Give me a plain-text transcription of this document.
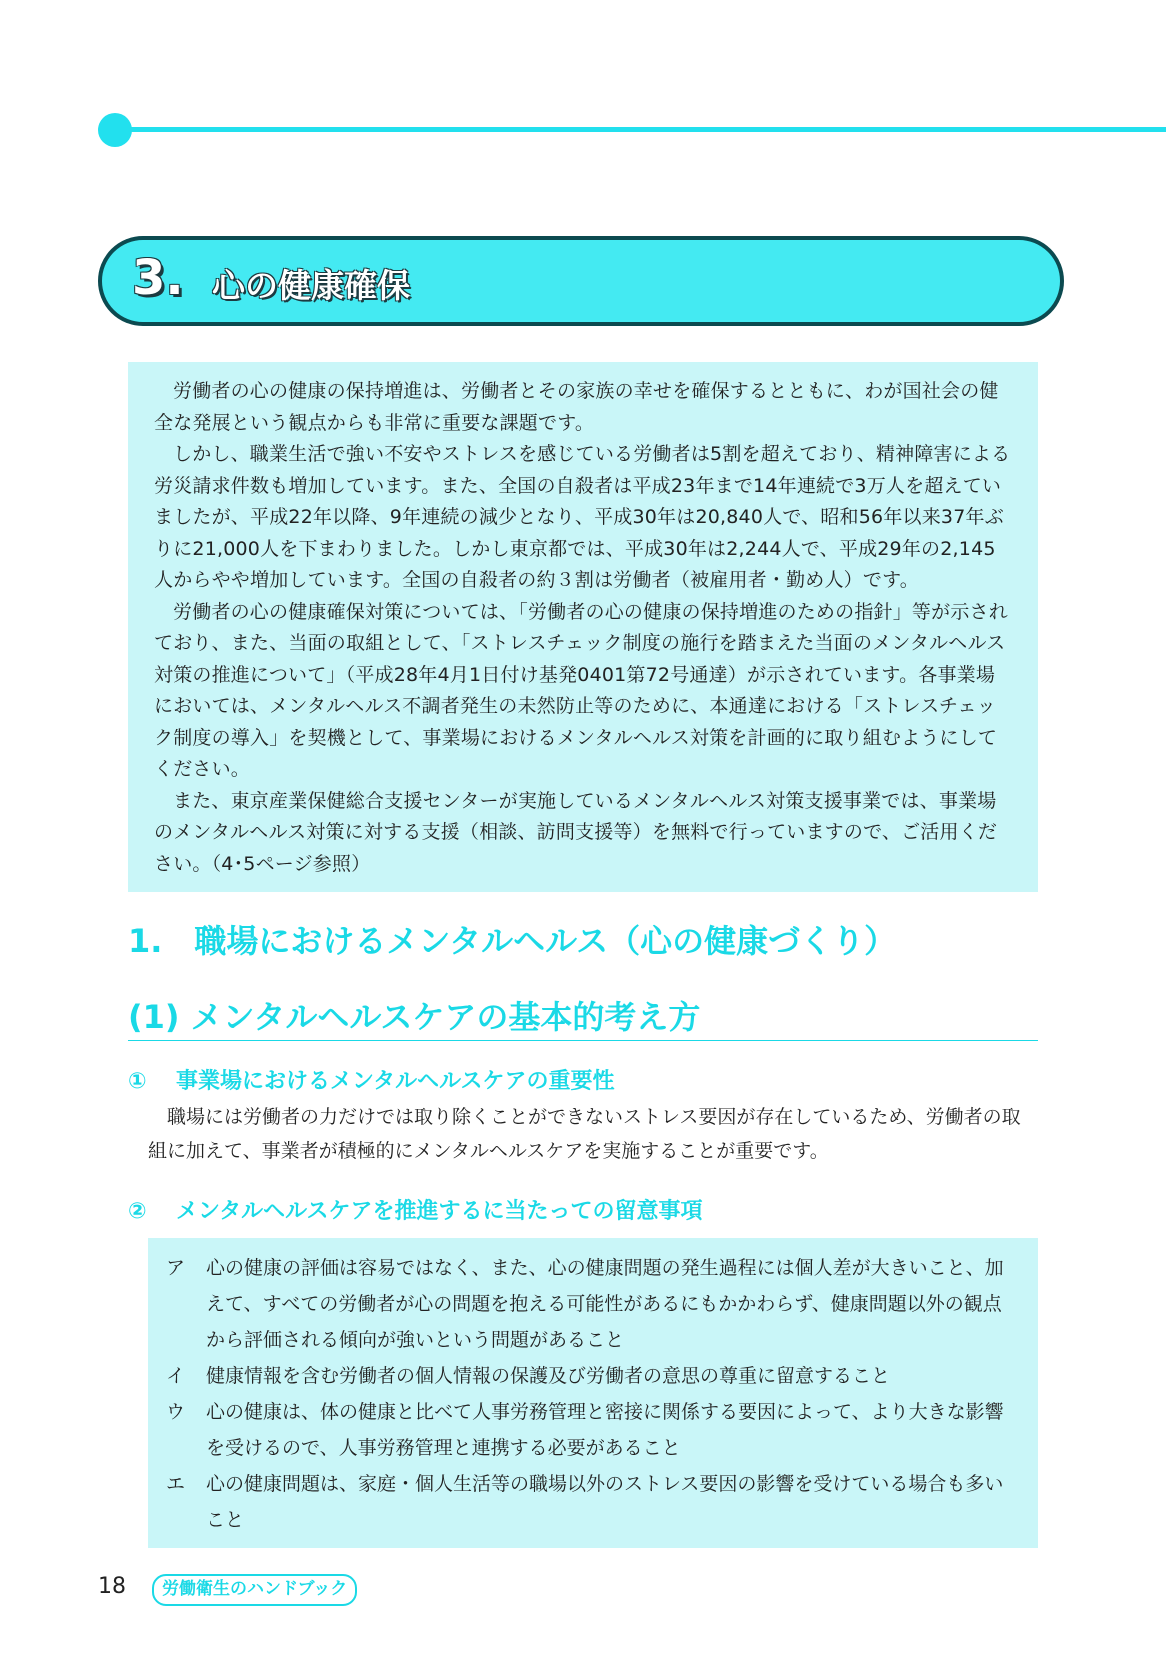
3. 心の健康確保

労働者の心の健康の保持増進は、労働者とその家族の幸せを確保するとともに、わが国社会の健全な発展という観点からも非常に重要な課題です。

しかし、職業生活で強い不安やストレスを感じている労働者は5割を超えており、精神障害による労災請求件数も増加しています。また、全国の自殺者は平成23年まで14年連続で3万人を超えていましたが、平成22年以降、9年連続の減少となり、平成30年は20,840人で、昭和56年以来37年ぶりに21,000人を下まわりました。しかし東京都では、平成30年は2,244人で、平成29年の2,145人からやや増加しています。全国の自殺者の約３割は労働者（被雇用者・勤め人）です。

労働者の心の健康確保対策については、「労働者の心の健康の保持増進のための指針」等が示されており、また、当面の取組として、「ストレスチェック制度の施行を踏まえた当面のメンタルヘルス対策の推進について」（平成28年4月1日付け基発0401第72号通達）が示されています。各事業場においては、メンタルヘルス不調者発生の未然防止等のために、本通達における「ストレスチェック制度の導入」を契機として、事業場におけるメンタルヘルス対策を計画的に取り組むようにしてください。

また、東京産業保健総合支援センターが実施しているメンタルヘルス対策支援事業では、事業場のメンタルヘルス対策に対する支援（相談、訪問支援等）を無料で行っていますので、ご活用ください。（4･5ページ参照）

1.　職場におけるメンタルヘルス（心の健康づくり）
(1) メンタルヘルスケアの基本的考え方
① 事業場におけるメンタルヘルスケアの重要性

職場には労働者の力だけでは取り除くことができないストレス要因が存在しているため、労働者の取組に加えて、事業者が積極的にメンタルヘルスケアを実施することが重要です。

② メンタルヘルスケアを推進するに当たっての留意事項

ア 心の健康の評価は容易ではなく、また、心の健康問題の発生過程には個人差が大きいこと、加えて、すべての労働者が心の問題を抱える可能性があるにもかかわらず、健康問題以外の観点から評価される傾向が強いという問題があること

イ 健康情報を含む労働者の個人情報の保護及び労働者の意思の尊重に留意すること

ウ 心の健康は、体の健康と比べて人事労務管理と密接に関係する要因によって、より大きな影響を受けるので、人事労務管理と連携する必要があること

エ 心の健康問題は、家庭・個人生活等の職場以外のストレス要因の影響を受けている場合も多いこと

18	労働衛生のハンドブック
